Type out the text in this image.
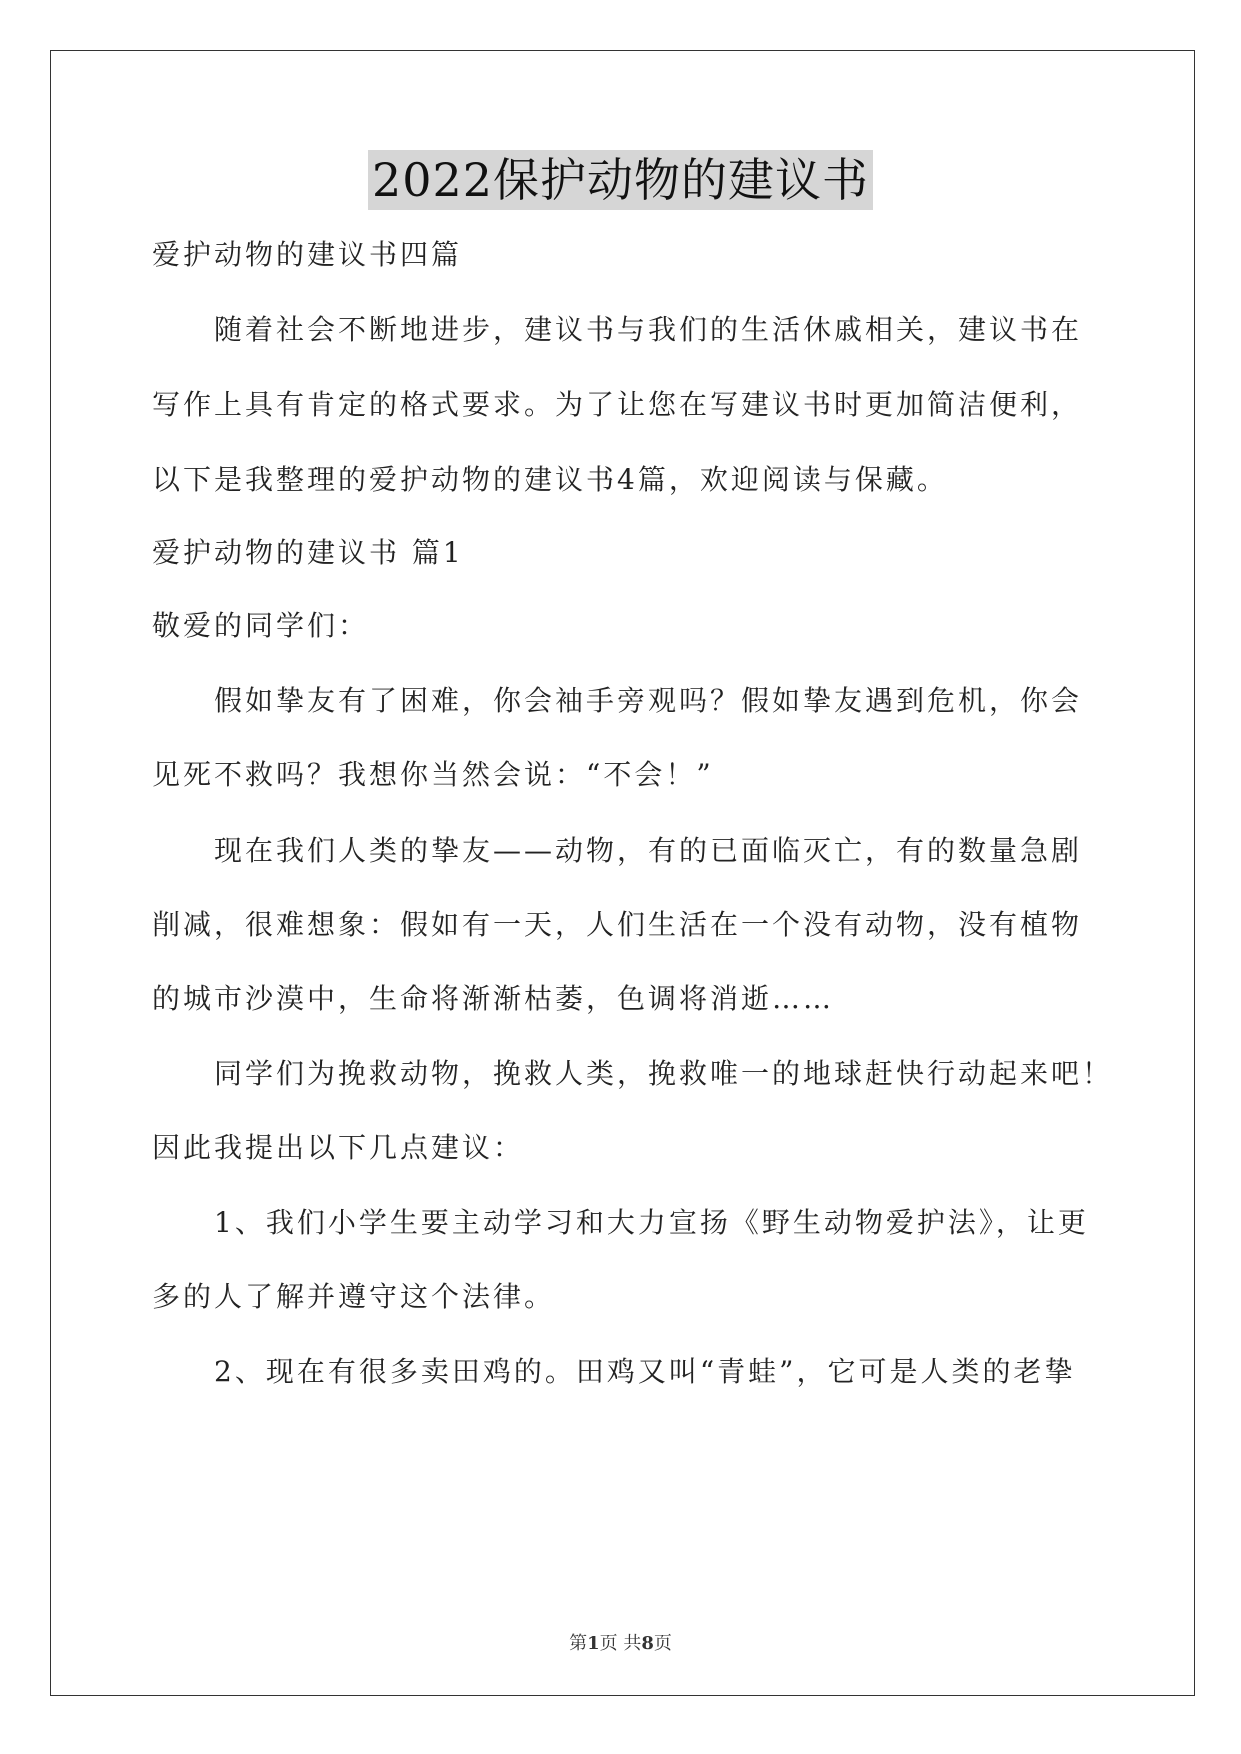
2022保护动物的建议书
爱护动物的建议书四篇
随着社会不断地进步，建议书与我们的生活休戚相关，建议书在
写作上具有肯定的格式要求。为了让您在写建议书时更加简洁便利，
以下是我整理的爱护动物的建议书4篇，欢迎阅读与保藏。
爱护动物的建议书 篇1
敬爱的同学们：
假如挚友有了困难，你会袖手旁观吗？假如挚友遇到危机，你会
见死不救吗？我想你当然会说：“不会！”
现在我们人类的挚友——动物，有的已面临灭亡，有的数量急剧
削减，很难想象：假如有一天，人们生活在一个没有动物，没有植物
的城市沙漠中，生命将渐渐枯萎，色调将消逝……
同学们为挽救动物，挽救人类，挽救唯一的地球赶快行动起来吧！
因此我提出以下几点建议：
1、我们小学生要主动学习和大力宣扬《野生动物爱护法》，让更
多的人了解并遵守这个法律。
2、现在有很多卖田鸡的。田鸡又叫“青蛙”，它可是人类的老挚
第1页 共8页
